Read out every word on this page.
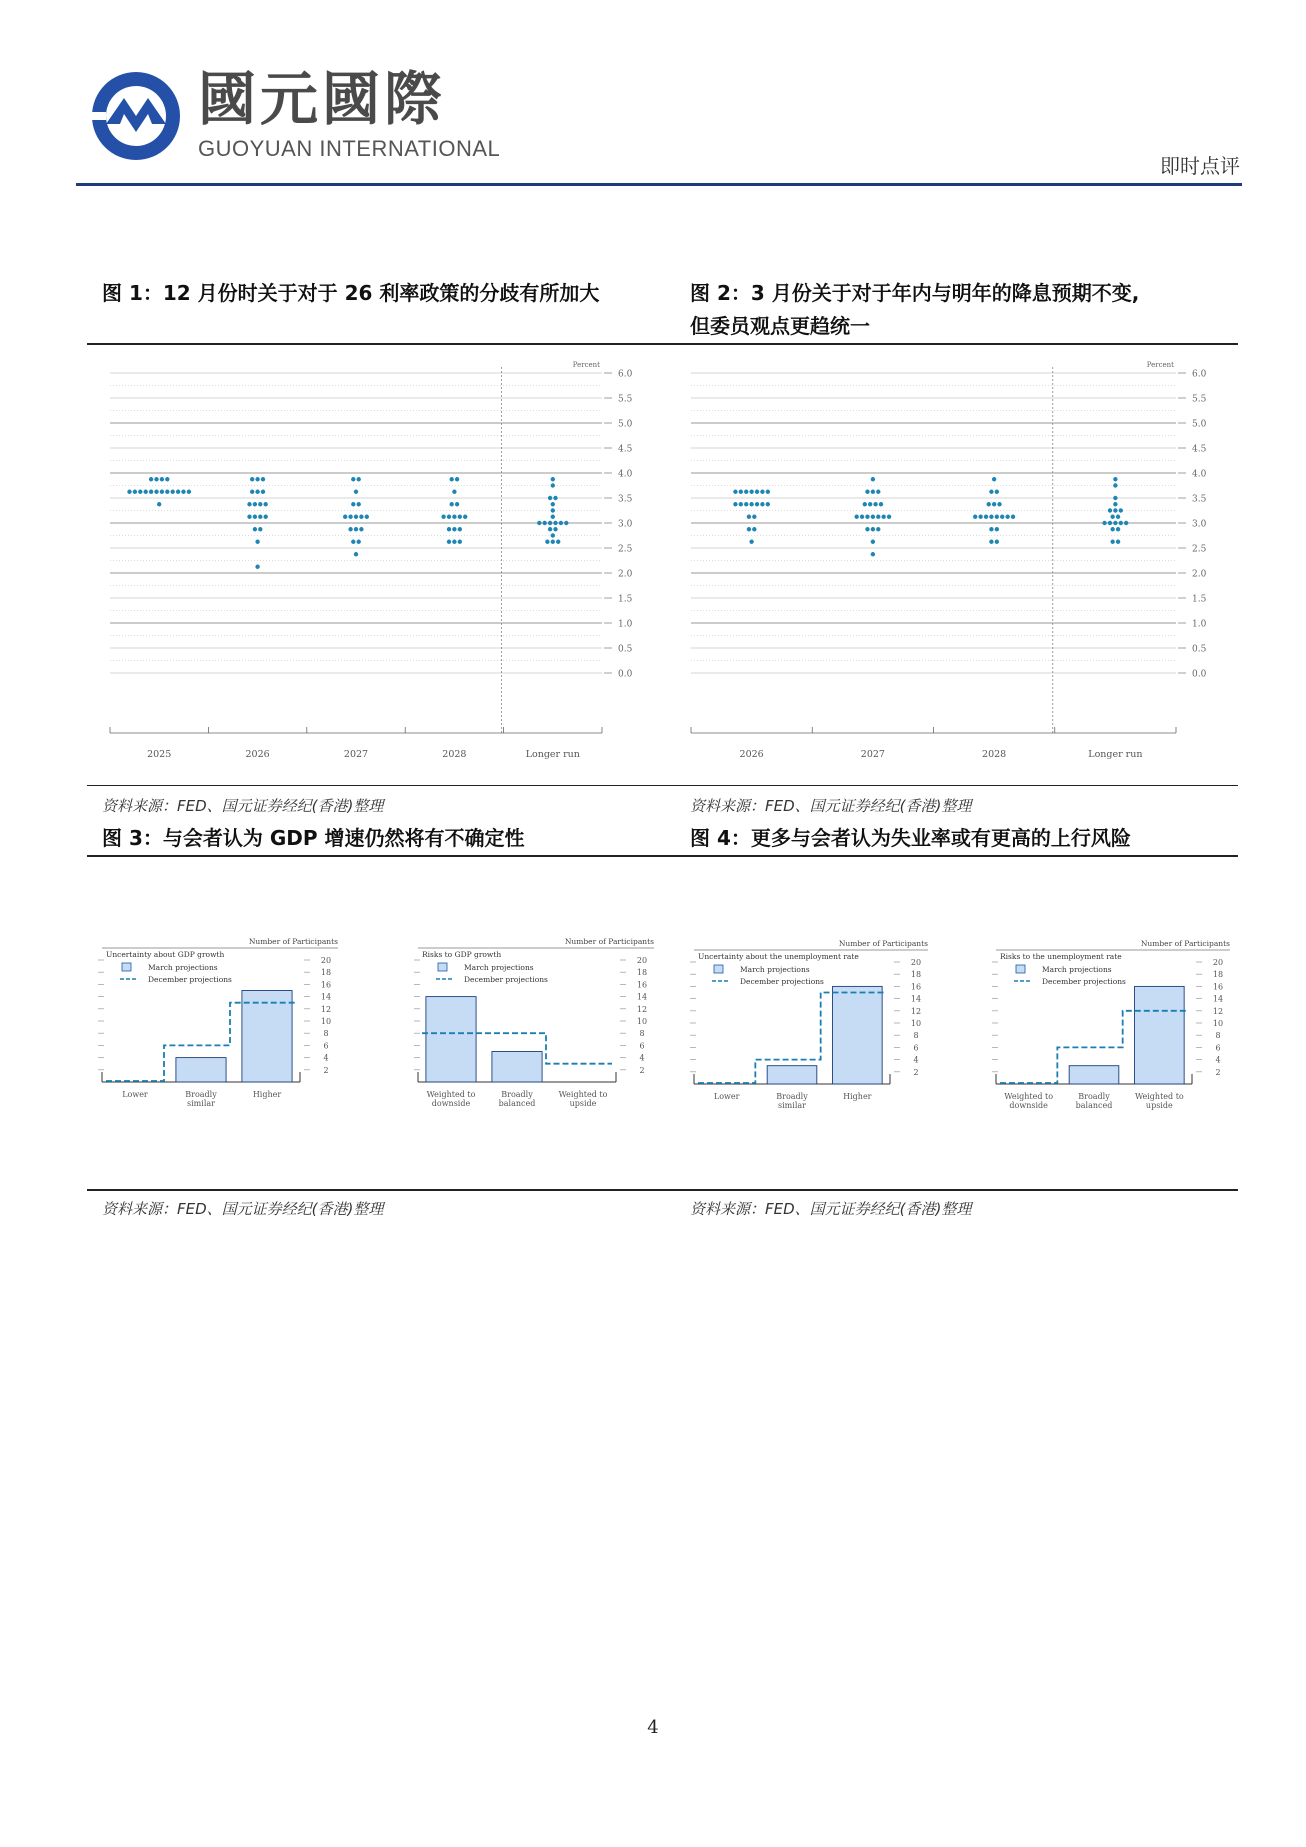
國元國際
GUOYUAN INTERNATIONAL
即时点评
图 1：12 月份时关于对于 26 利率政策的分歧有所加大	图 2：3 月份关于对于年内与明年的降息预期不变,
但委员观点更趋统一
0.0
0.5
1.0
1.5
2.0
2.5
3.0
3.5
4.0
4.5
5.0
5.5
6.0
Percent
2025	2026	2027	2028	Longer run
0.0
0.5
1.0
1.5
2.0
2.5
3.0
3.5
4.0
4.5
5.0
5.5
6.0
Percent
2026	2027	2028	Longer run
资料来源：FED、国元证券经纪(香港)整理	资料来源：FED、国元证券经纪(香港)整理
图 3：与会者认为 GDP 增速仍然将有不确定性	图 4：更多与会者认为失业率或有更高的上行风险
Number of Participants
Uncertainty about GDP growth
March projections
December projections
2
4
6
8
10
12
14
16
18
20
Lower	Broadly
similar
Higher
Number of Participants
Risks to GDP growth
March projections
December projections
2
4
6
8
10
12
14
16
18
20
Weighted to
downside
Broadly
balanced
Weighted to
upside
Number of Participants
Uncertainty about the unemployment rate
March projections
December projections
2
4
6
8
10
12
14
16
18
20
Lower	Broadly
similar
Higher
Number of Participants
Risks to the unemployment rate
March projections
December projections
2
4
6
8
10
12
14
16
18
20
Weighted to
downside
Broadly
balanced
Weighted to
upside
资料来源：FED、国元证券经纪(香港)整理	资料来源：FED、国元证券经纪(香港)整理
4
